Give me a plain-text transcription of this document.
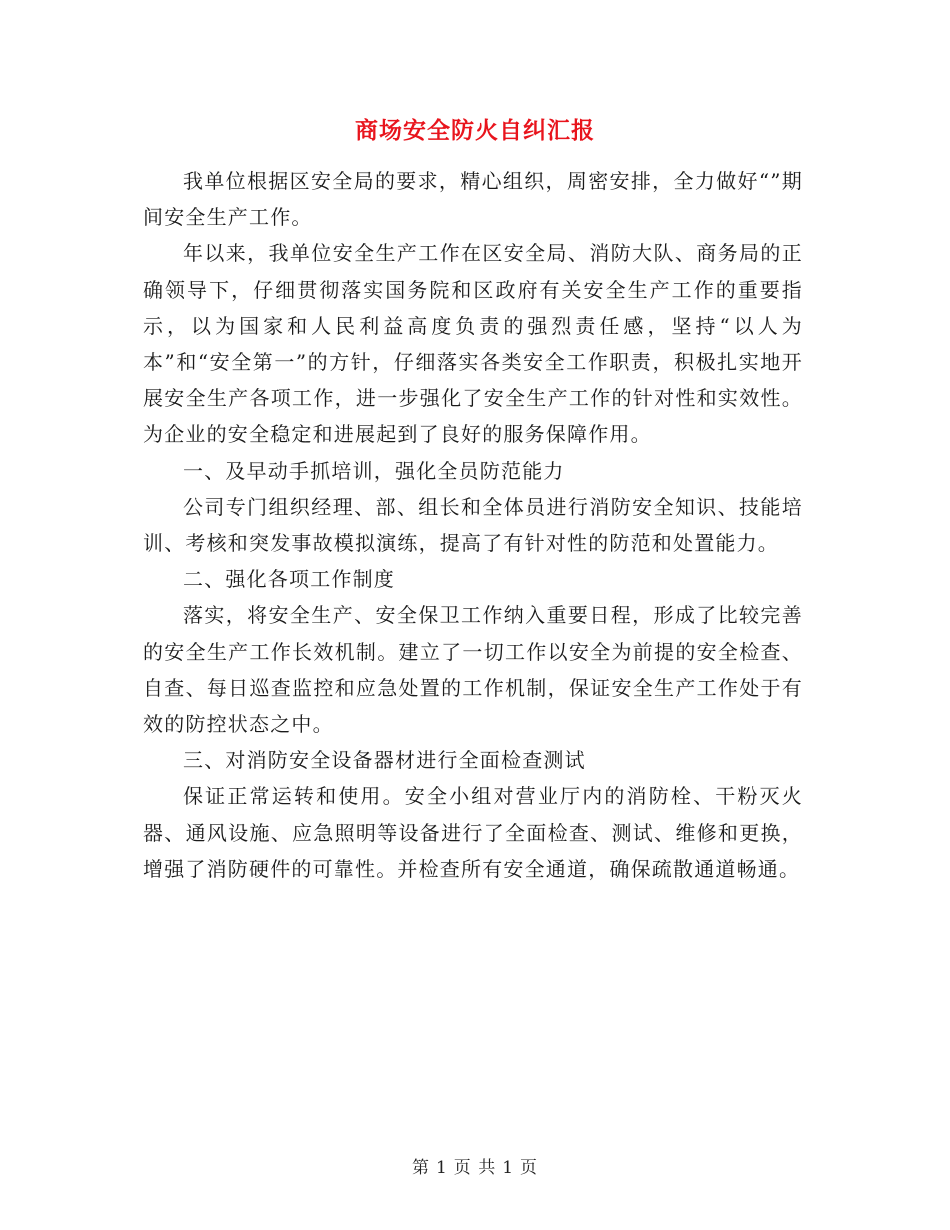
商场安全防火自纠汇报

我单位根据区安全局的要求，精心组织，周密安排，全力做好“”期间安全生产工作。

年以来，我单位安全生产工作在区安全局、消防大队、商务局的正确领导下，仔细贯彻落实国务院和区政府有关安全生产工作的重要指示，以为国家和人民利益高度负责的强烈责任感，坚持“以人为本”和“安全第一”的方针，仔细落实各类安全工作职责，积极扎实地开展安全生产各项工作，进一步强化了安全生产工作的针对性和实效性。为企业的安全稳定和进展起到了良好的服务保障作用。

一、及早动手抓培训，强化全员防范能力

公司专门组织经理、部、组长和全体员进行消防安全知识、技能培训、考核和突发事故模拟演练，提高了有针对性的防范和处置能力。

二、强化各项工作制度

落实，将安全生产、安全保卫工作纳入重要日程，形成了比较完善的安全生产工作长效机制。建立了一切工作以安全为前提的安全检查、自查、每日巡查监控和应急处置的工作机制，保证安全生产工作处于有效的防控状态之中。

三、对消防安全设备器材进行全面检查测试

保证正常运转和使用。安全小组对营业厅内的消防栓、干粉灭火器、通风设施、应急照明等设备进行了全面检查、测试、维修和更换，增强了消防硬件的可靠性。并检查所有安全通道，确保疏散通道畅通。

第 1 页 共 1 页
